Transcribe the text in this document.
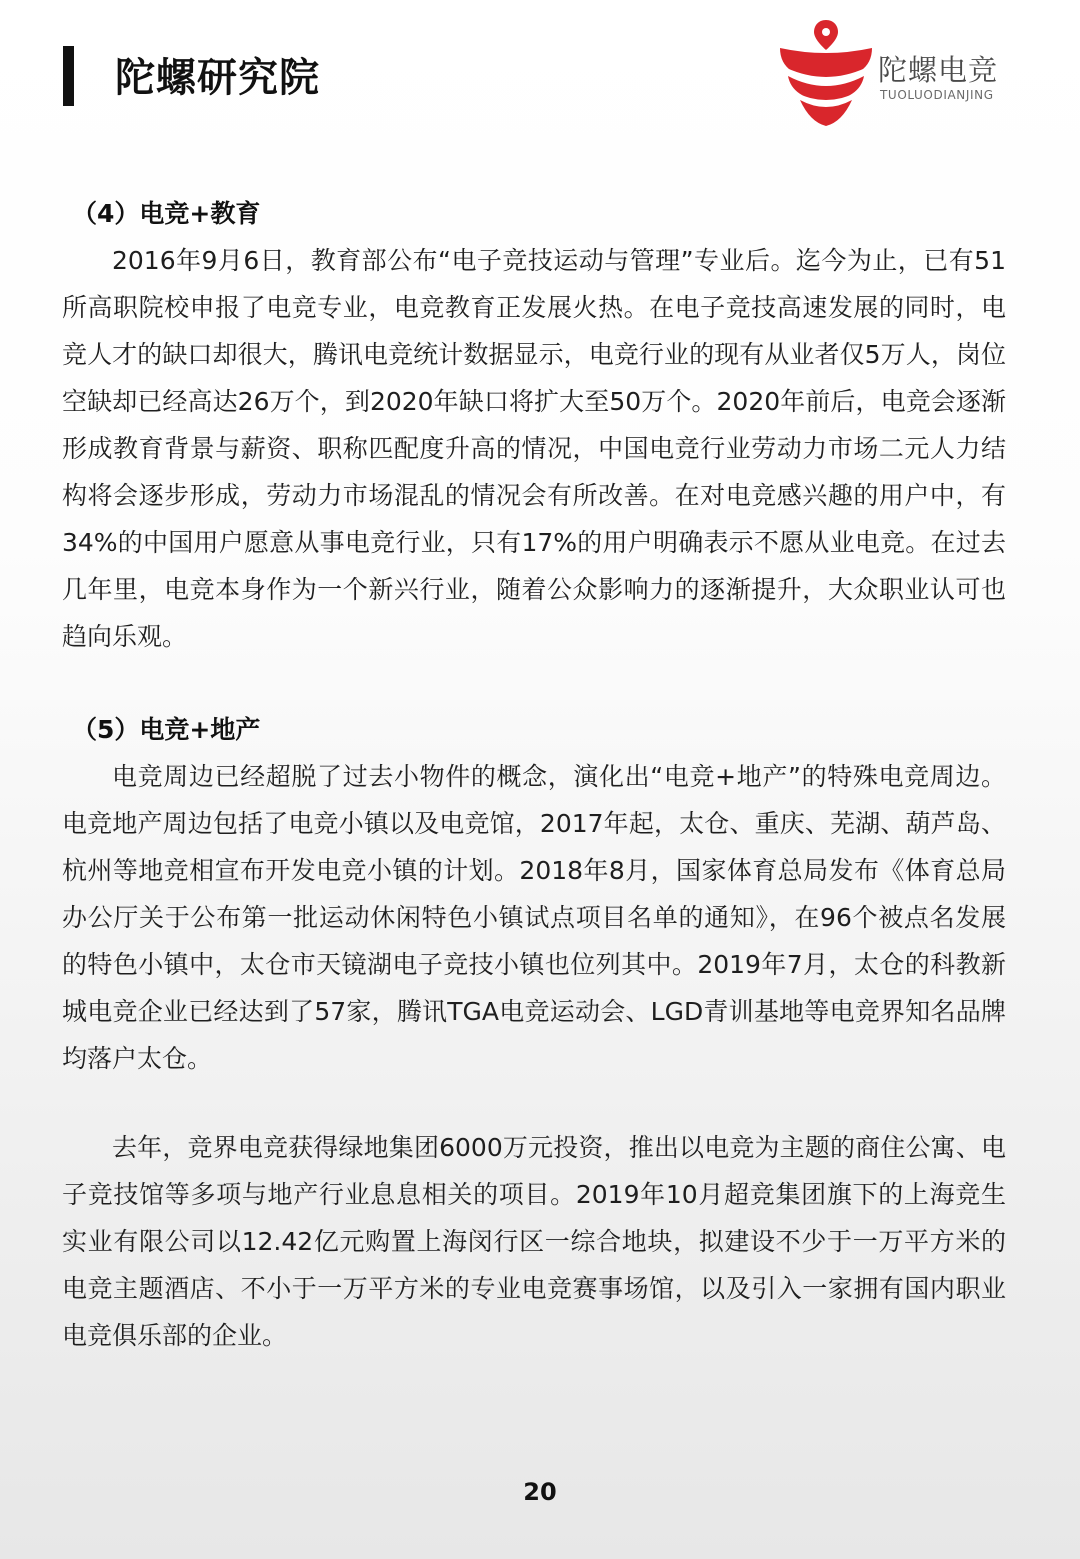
陀螺研究院	陀螺电竞
TUOLUODIANJING
（4）电竞+教育

2016年9月6日，教育部公布“电子竞技运动与管理”专业后。迄今为止，已有51所高职院校申报了电竞专业，电竞教育正发展火热。在电子竞技高速发展的同时，电竞人才的缺口却很大，腾讯电竞统计数据显示，电竞行业的现有从业者仅5万人，岗位空缺却已经高达26万个，到2020年缺口将扩大至50万个。2020年前后，电竞会逐渐形成教育背景与薪资、职称匹配度升高的情况，中国电竞行业劳动力市场二元人力结构将会逐步形成，劳动力市场混乱的情况会有所改善。在对电竞感兴趣的用户中，有34%的中国用户愿意从事电竞行业，只有17%的用户明确表示不愿从业电竞。在过去几年里，电竞本身作为一个新兴行业，随着公众影响力的逐渐提升，大众职业认可也趋向乐观。

（5）电竞+地产

电竞周边已经超脱了过去小物件的概念，演化出“电竞+地产”的特殊电竞周边。电竞地产周边包括了电竞小镇以及电竞馆，2017年起，太仓、重庆、芜湖、葫芦岛、杭州等地竞相宣布开发电竞小镇的计划。2018年8月，国家体育总局发布《体育总局办公厅关于公布第一批运动休闲特色小镇试点项目名单的通知》，在96个被点名发展的特色小镇中，太仓市天镜湖电子竞技小镇也位列其中。2019年7月，太仓的科教新城电竞企业已经达到了57家，腾讯TGA电竞运动会、LGD青训基地等电竞界知名品牌均落户太仓。

去年，竞界电竞获得绿地集团6000万元投资，推出以电竞为主题的商住公寓、电子竞技馆等多项与地产行业息息相关的项目。2019年10月超竞集团旗下的上海竞生实业有限公司以12.42亿元购置上海闵行区一综合地块，拟建设不少于一万平方米的电竞主题酒店、不小于一万平方米的专业电竞赛事场馆，以及引入一家拥有国内职业电竞俱乐部的企业。

20
